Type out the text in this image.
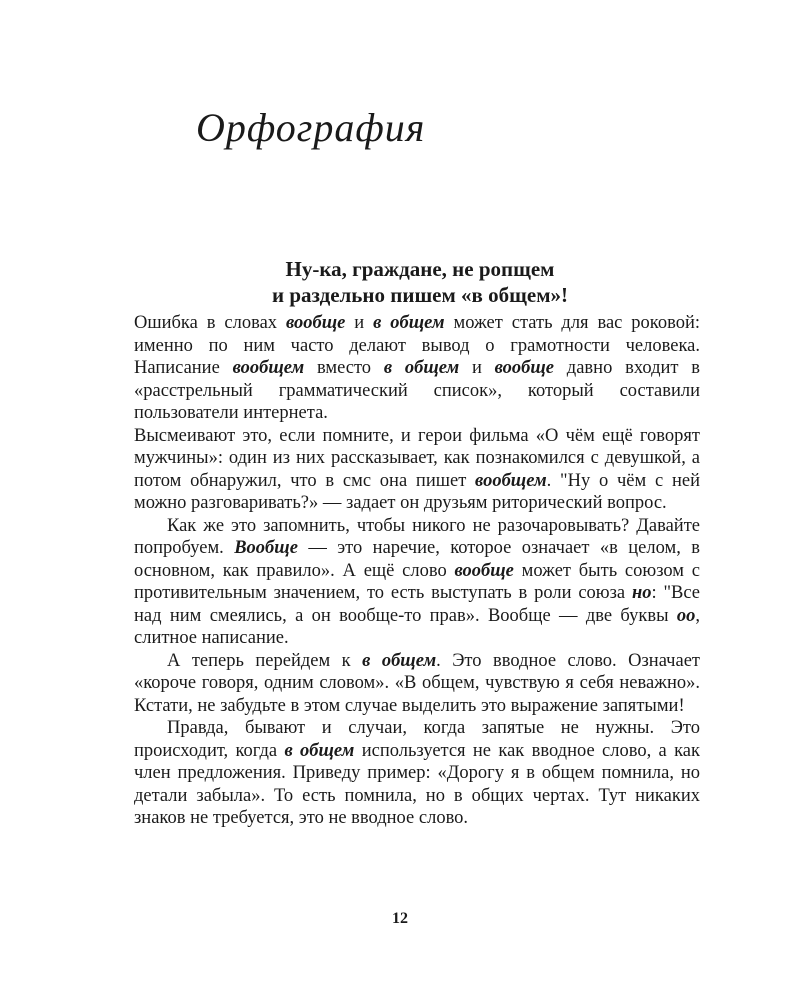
Орфография
Ну-ка, граждане, не ропщем
и раздельно пишем «в общем»!

Ошибка в словах вообще и в общем может стать для вас роковой: именно по ним часто делают вывод о грамотности человека. Написание вообщем вместо в общем и вообще давно входит в «расстрельный грамматический список», который составили пользователи интернета.

Высмеивают это, если помните, и герои фильма «О чём ещё говорят мужчины»: один из них рассказывает, как познакомился с девушкой, а потом обнаружил, что в смс она пишет вообщем. "Ну о чём с ней можно разговаривать?» — задает он друзьям риторический вопрос.

Как же это запомнить, чтобы никого не разочаровывать? Давайте попробуем. Вообще — это наречие, которое означает «в целом, в основном, как правило». А ещё слово вообще может быть союзом с противительным значением, то есть выступать в роли союза но: "Все над ним смеялись, а он вообще-то прав». Вообще — две буквы оо, слитное написание.

А теперь перейдем к в общем. Это вводное слово. Означает «короче говоря, одним словом». «В общем, чувствую я себя неважно». Кстати, не забудьте в этом случае выделить это выражение запятыми!

Правда, бывают и случаи, когда запятые не нужны. Это происходит, когда в общем используется не как вводное слово, а как член предложения. Приведу пример: «Дорогу я в общем помнила, но детали забыла». То есть помнила, но в общих чертах. Тут никаких знаков не требуется, это не вводное слово.

12
